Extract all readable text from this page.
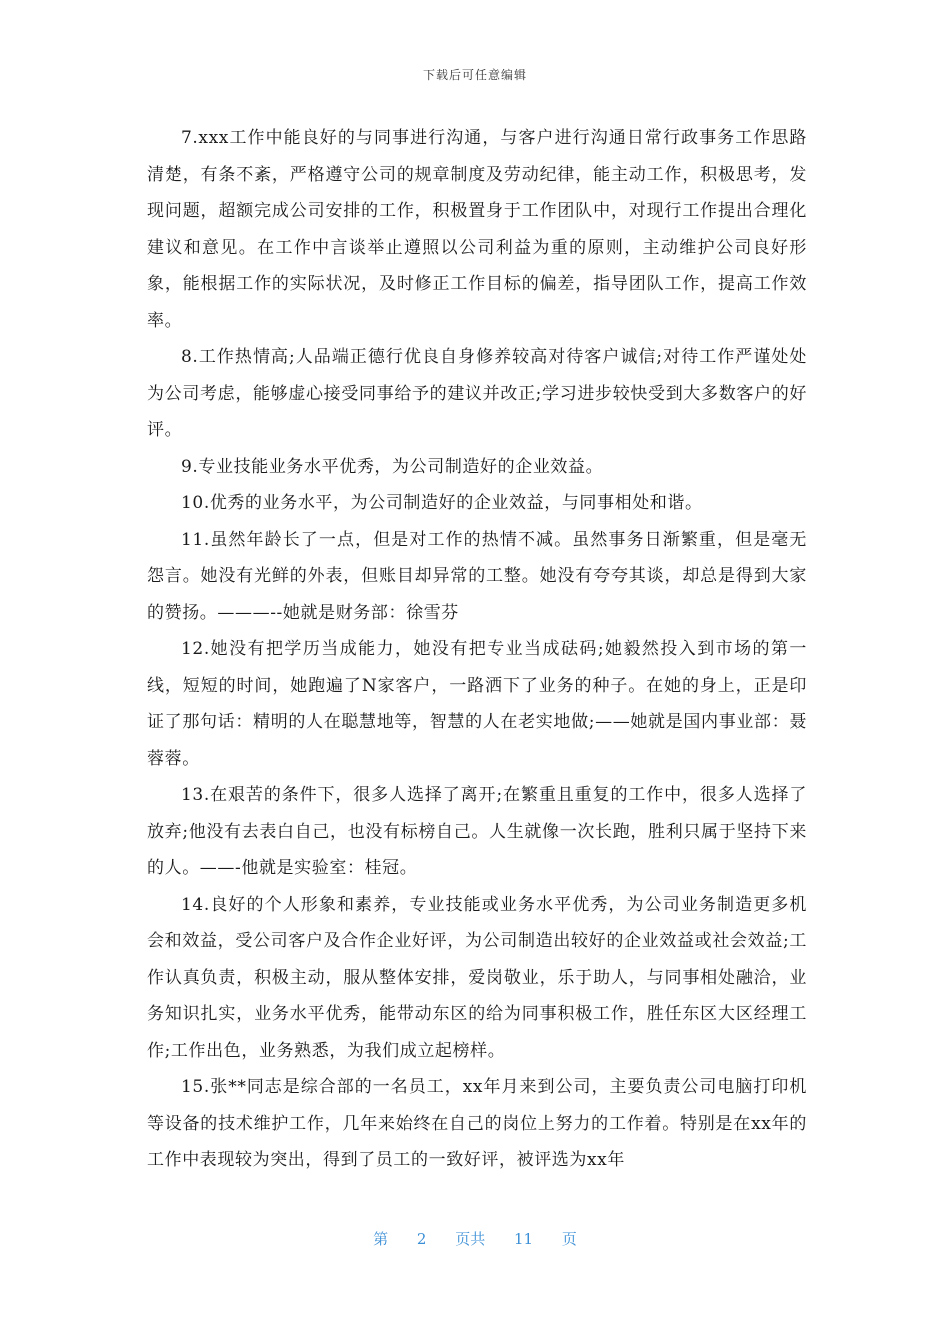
下载后可任意编辑

7.xxx工作中能良好的与同事进行沟通，与客户进行沟通日常行政事务工作思路清楚，有条不紊，严格遵守公司的规章制度及劳动纪律，能主动工作，积极思考，发现问题，超额完成公司安排的工作，积极置身于工作团队中，对现行工作提出合理化建议和意见。在工作中言谈举止遵照以公司利益为重的原则，主动维护公司良好形象，能根据工作的实际状况，及时修正工作目标的偏差，指导团队工作，提高工作效率。

8.工作热情高;人品端正德行优良自身修养较高对待客户诚信;对待工作严谨处处为公司考虑，能够虚心接受同事给予的建议并改正;学习进步较快受到大多数客户的好评。

9.专业技能业务水平优秀，为公司制造好的企业效益。

10.优秀的业务水平，为公司制造好的企业效益，与同事相处和谐。

11.虽然年龄长了一点，但是对工作的热情不减。虽然事务日渐繁重，但是毫无怨言。她没有光鲜的外表，但账目却异常的工整。她没有夸夸其谈，却总是得到大家的赞扬。———--她就是财务部：徐雪芬

12.她没有把学历当成能力，她没有把专业当成砝码;她毅然投入到市场的第一线，短短的时间，她跑遍了N家客户，一路洒下了业务的种子。在她的身上，正是印证了那句话：精明的人在聪慧地等，智慧的人在老实地做;——她就是国内事业部：聂蓉蓉。

13.在艰苦的条件下，很多人选择了离开;在繁重且重复的工作中，很多人选择了放弃;他没有去表白自己，也没有标榜自己。人生就像一次长跑，胜利只属于坚持下来的人。——-他就是实验室：桂冠。

14.良好的个人形象和素养，专业技能或业务水平优秀，为公司业务制造更多机会和效益，受公司客户及合作企业好评，为公司制造出较好的企业效益或社会效益;工作认真负责，积极主动，服从整体安排，爱岗敬业，乐于助人，与同事相处融洽，业务知识扎实，业务水平优秀，能带动东区的给为同事积极工作，胜任东区大区经理工作;工作出色，业务熟悉，为我们成立起榜样。

15.张**同志是综合部的一名员工，xx年月来到公司，主要负责公司电脑打印机等设备的技术维护工作，几年来始终在自己的岗位上努力的工作着。特别是在xx年的工作中表现较为突出，得到了员工的一致好评，被评选为xx年

第 2 页共 11 页
